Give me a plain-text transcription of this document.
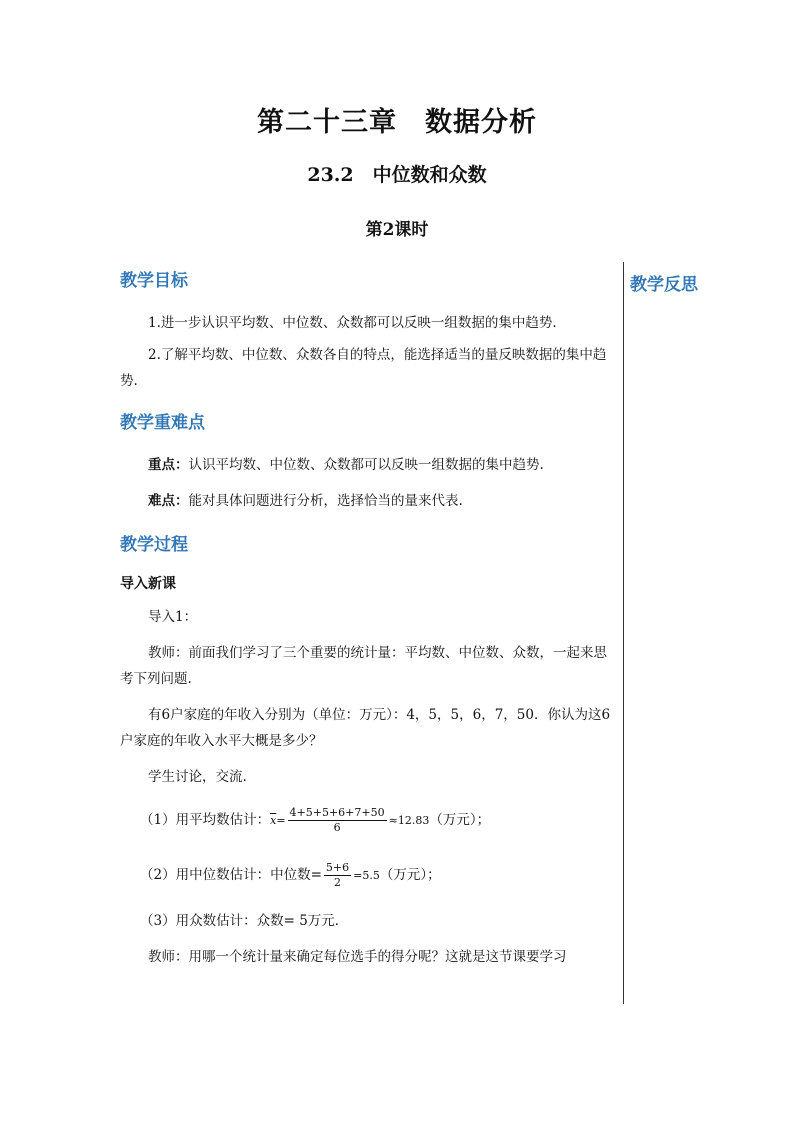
第二十三章　数据分析
23.2　中位数和众数
第2课时
教学反思
教学目标

1.进一步认识平均数、中位数、众数都可以反映一组数据的集中趋势.

2.了解平均数、中位数、众数各自的特点，能选择适当的量反映数据的集中趋势.

教学重难点

重点：认识平均数、中位数、众数都可以反映一组数据的集中趋势.

难点：能对具体问题进行分析，选择恰当的量来代表.

教学过程
导入新课

导入1：

教师：前面我们学习了三个重要的统计量：平均数、中位数、众数，一起来思考下列问题.

有6户家庭的年收入分别为（单位：万元）：4，5，5，6，7，50．你认为这6户家庭的年收入水平大概是多少？

学生讨论，交流.

（1）用平均数估计：$\overline{x}= \frac{4+5+5+6+7+50}{6} \approx 12.83$（万元）；

（2）用中位数估计：中位数= $\frac{5+6}{2} =5.5$（万元）；

（3）用众数估计：众数= 5万元．

教师：用哪一个统计量来确定每位选手的得分呢？这就是这节课要学习
